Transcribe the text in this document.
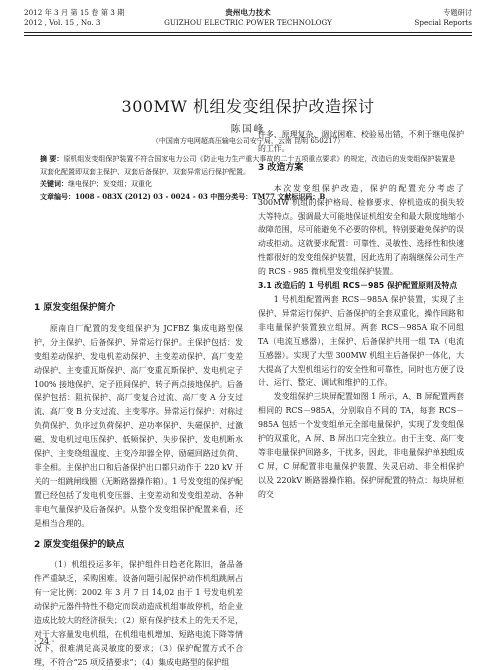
2012 年 3 月 第 15 卷 第 3 期
2012 , Vol. 15 , No. 3
贵州电力技术
GUIZHOU ELECTRIC POWER TECHNOLOGY
专题研讨
Special Reports
300MW 机组发变组保护改造探讨
陈国峰
（中国南方电网超高压输电公司安宁局，云南 昆明 650217）

摘 要：原机组发变组保护装置不符合国家电力公司《防止电力生产重大事故的二十五项重点要求》的规定，改造后的发变组保护装置是双套化配置即双套主保护、双套后备保护、双套异常运行保护配置。

关键词：继电保护；发变组；双重化

文章编号：1008 - 083X (2012) 03 - 0024 - 03 中图分类号：TM77 文献标识码：B

1 原发变组保护简介

原南自厂配置的发变组保护为 JCFBZ 集成电路型保护，分主保护、后备保护、异常运行保护。主保护包括：发变组差动保护、发电机差动保护、主变差动保护、高厂变差动保护、主变重瓦斯保护、高厂变重瓦斯保护、发电机定子 100% 接地保护、定子匝间保护、转子两点接地保护。后备保护包括：阻抗保护、高厂变复合过流、高厂变 A 分支过流、高厂变 B 分支过流、主变零序。异常运行保护：对称过负荷保护、负序过负荷保护、逆功率保护、失磁保护、过激磁、发电机过电压保护、低频保护、失步保护、发电机断水保护、主变绕组温度、主变冷却器全停、励磁回路过负荷、非全相。主保护出口和后备保护出口都只动作于 220 kV 开关的一组跳闸线圈（无断路器操作箱）。1 号发变组的保护配置已经包括了发电机变压器、主变差动和发变组差动、各种非电气量保护及后备保护。从整个发变组保护配置来看，还是相当合理的。

2 原发变组保护的缺点

（1）机组投运多年，保护组件日趋老化陈旧，备品备件严重缺乏，采购困难。设备问题引起保护动作机组跳闸占有一定比例：2002 年 3 月 7 日 14,02 由于 1 号发电机差动保护元器件特性不稳定而误动造成机组事故停机，给企业造成比较大的经济损失；（2）原有保护技术上的先天不足，对于大容量发电机组，在机组电机增加、短路电流下降等情况下，很难满足高灵敏度的要求；（3）保护配置方式不合理，不符合“25 项反措要求”；（4）集成电路型的保护组

件多、原理复杂、调试困难、校验易出错，不利于继电保护的工作。

3 改造方案

本次发变组保护改造，保护的配置充分考虑了 300MW 机组的保护格局、检修要求、停机造成的损失较大等特点。强调最大可能地保证机组安全和最大限度地缩小故障范围，尽可能避免不必要的停机，特别要避免保护的误动或拒动。这就要求配置：可靠性、灵敏性、选择性和快速性都很好的发变组保护装置，因此选用了南瑞继保公司生产的 RCS - 985 微机型发变组保护装置。

3.1 改造后的 1 号机组 RCS－985 保护配置原则及特点

1 号机组配置两套 RCS－985A 保护装置，实现了主保护、异常运行保护、后备保护的全套双重化，操作回路和非电量保护装置独立组屏。两套 RCS－985A 取不同组 TA（电流互感器），主保护、后备保护共用一组 TA（电流互感器）。实现了大型 300MW 机组主后备保护一体化，大大提高了大型机组运行的安全性和可靠性，同时也方便了设计、运行、整定、调试和维护的工作。

发变组保护三块屏配置如图 1 所示，A、B 屏配置两套相同的 RCS－985A，分别取自不同的 TA，每套 RCS－985A 包括一个发变组单元全部电量保护，实现了发变组保护的双重化，A 屏、B 屏出口完全独立。由于主变、高厂变等非电量保护回路多，干扰多，因此，非电量保护单独组成 C 屏，C 屏配置非电量保护装置、失灵启动、非全相保护以及 220kV 断路器操作箱。保护屏配置的特点：每块屏柜的交

· 24 ·
